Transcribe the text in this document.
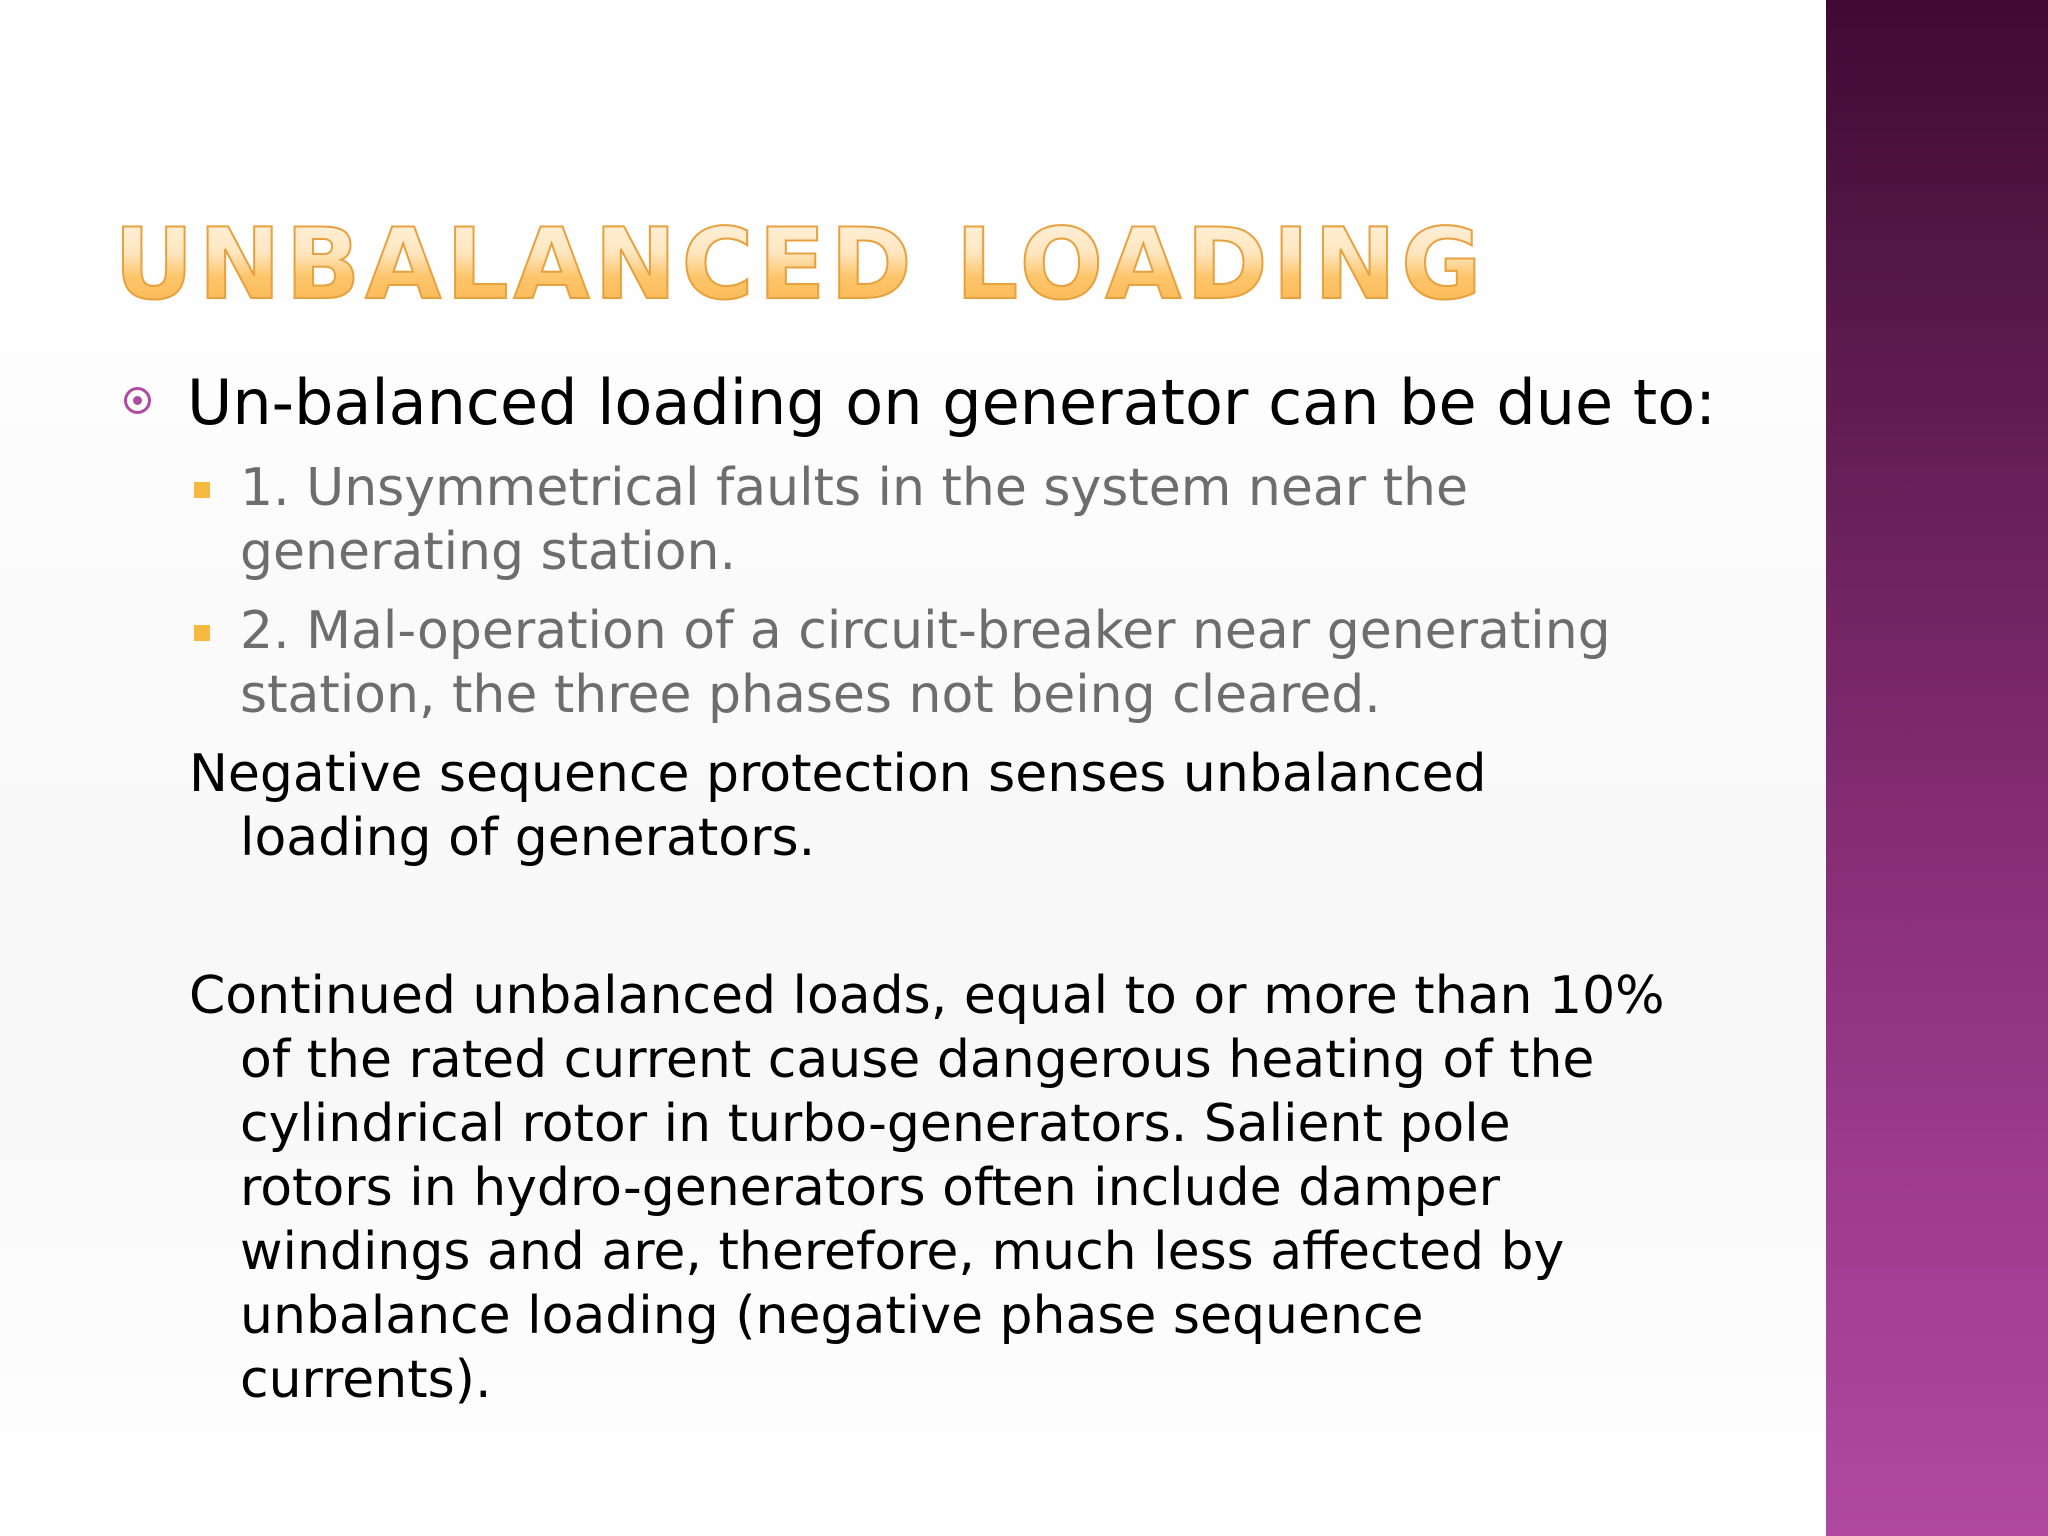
UNBALANCED LOADING
Un-balanced loading on generator can be due to:
1. Unsymmetrical faults in the system near the
generating station.
2. Mal-operation of a circuit-breaker near generating
station, the three phases not being cleared.
Negative sequence protection senses unbalanced
loading of generators.
Continued unbalanced loads, equal to or more than 10%
of the rated current cause dangerous heating of the
cylindrical rotor in turbo-generators. Salient pole
rotors in hydro-generators often include damper
windings and are, therefore, much less affected by
unbalance loading (negative phase sequence
currents).
